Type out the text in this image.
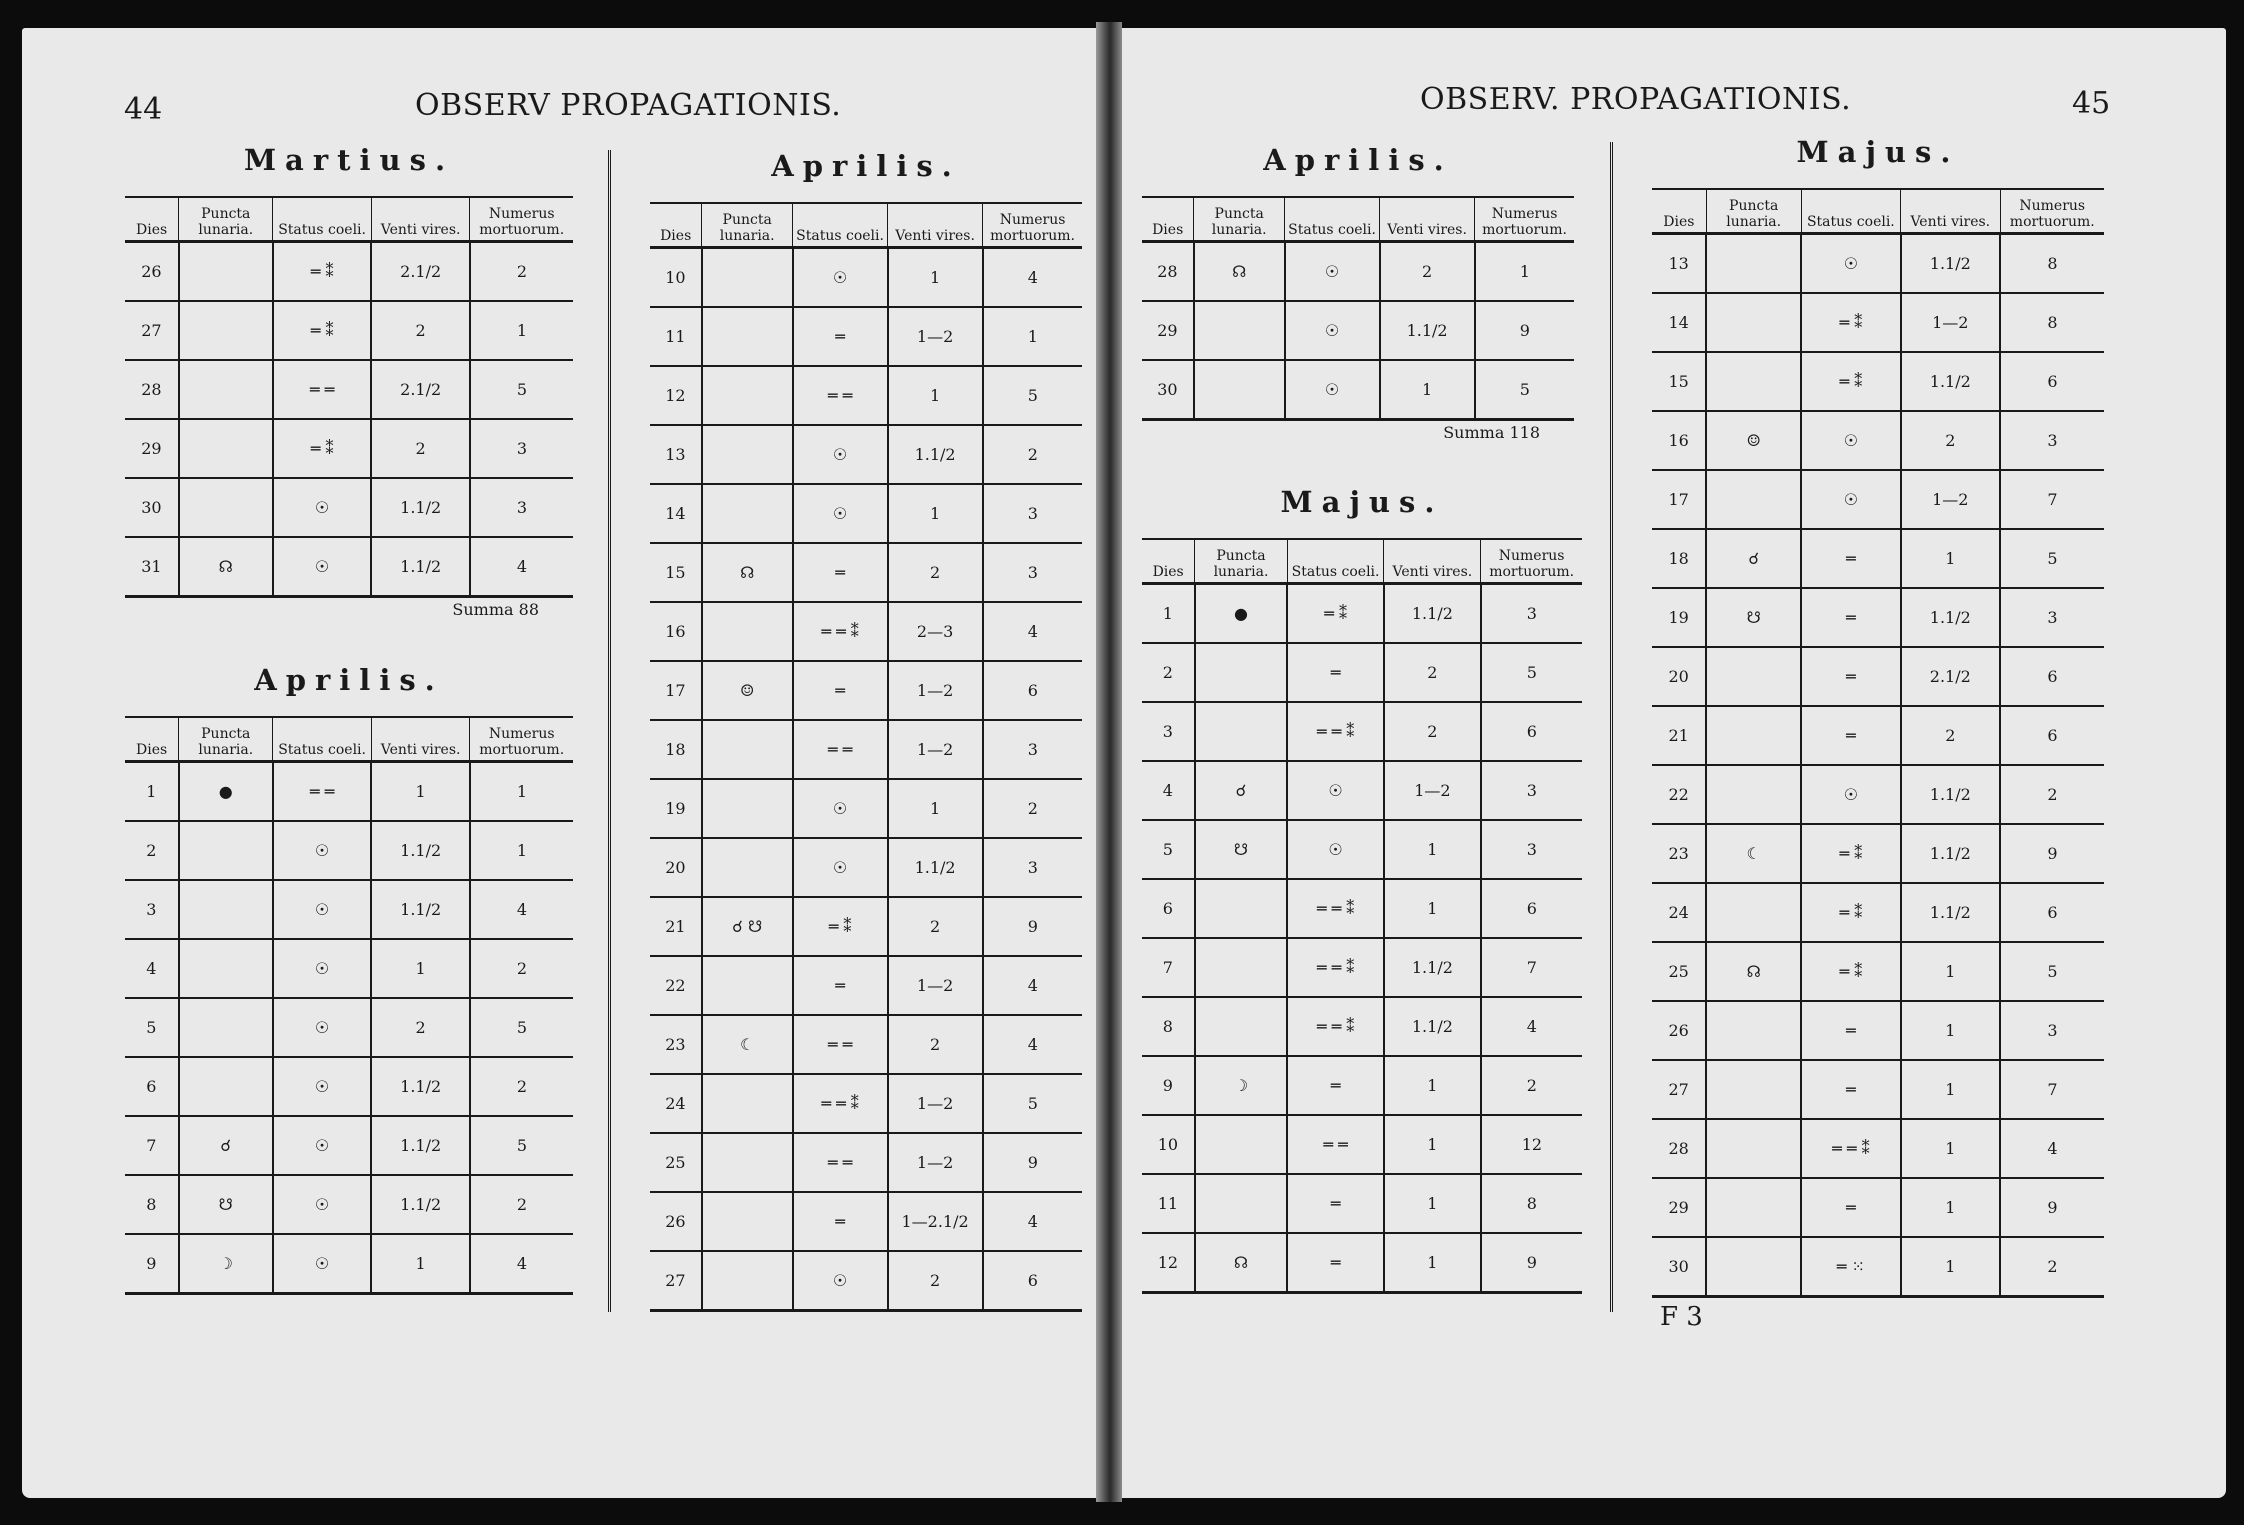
44	OBSERV PROPAGATIONIS.	OBSERV. PROPAGATIONIS.	45
Martius.
Dies	Puncta lunaria.	Status coeli.	Venti vires.	Numerus mortuorum.
26		═ ⁑	2.1/2	2
27		═ ⁑	2	1
28		═ ═	2.1/2	5
29		═ ⁑	2	3
30		☉	1.1/2	3
31	☊	☉	1.1/2	4
Summa 88
Aprilis.
Dies	Puncta lunaria.	Status coeli.	Venti vires.	Numerus mortuorum.
1	●	═ ═	1	1
2		☉	1.1/2	1
3		☉	1.1/2	4
4		☉	1	2
5		☉	2	5
6		☉	1.1/2	2
7	☌	☉	1.1/2	5
8	☋	☉	1.1/2	2
9	☽	☉	1	4
Aprilis.
Dies	Puncta lunaria.	Status coeli.	Venti vires.	Numerus mortuorum.
10		☉	1	4
11		═	1—2	1
12		═ ═	1	5
13		☉	1.1/2	2
14		☉	1	3
15	☊	═	2	3
16		═ ═ ⁑	2—3	4
17	☺	═	1—2	6
18		═ ═	1—2	3
19		☉	1	2
20		☉	1.1/2	3
21	☌ ☋	═ ⁑	2	9
22		═	1—2	4
23	☾	═ ═	2	4
24		═ ═ ⁑	1—2	5
25		═ ═	1—2	9
26		═	1—2.1/2	4
27		☉	2	6
Aprilis.
Dies	Puncta lunaria.	Status coeli.	Venti vires.	Numerus mortuorum.
28	☊	☉	2	1
29		☉	1.1/2	9
30		☉	1	5
Summa 118
Majus.
Dies	Puncta lunaria.	Status coeli.	Venti vires.	Numerus mortuorum.
1	●	═ ⁑	1.1/2	3
2		═	2	5
3		═ ═ ⁑	2	6
4	☌	☉	1—2	3
5	☋	☉	1	3
6		═ ═ ⁑	1	6
7		═ ═ ⁑	1.1/2	7
8		═ ═ ⁑	1.1/2	4
9	☽	═	1	2
10		═ ═	1	12
11		═	1	8
12	☊	═	1	9
Majus.
Dies	Puncta lunaria.	Status coeli.	Venti vires.	Numerus mortuorum.
13		☉	1.1/2	8
14		═ ⁑	1—2	8
15		═ ⁑	1.1/2	6
16	☺	☉	2	3
17		☉	1—2	7
18	☌	═	1	5
19	☋	═	1.1/2	3
20		═	2.1/2	6
21		═	2	6
22		☉	1.1/2	2
23	☾	═ ⁑	1.1/2	9
24		═ ⁑	1.1/2	6
25	☊	═ ⁑	1	5
26		═	1	3
27		═	1	7
28		═ ═ ⁑	1	4
29		═	1	9
30		═ ⁙	1	2
F 3
